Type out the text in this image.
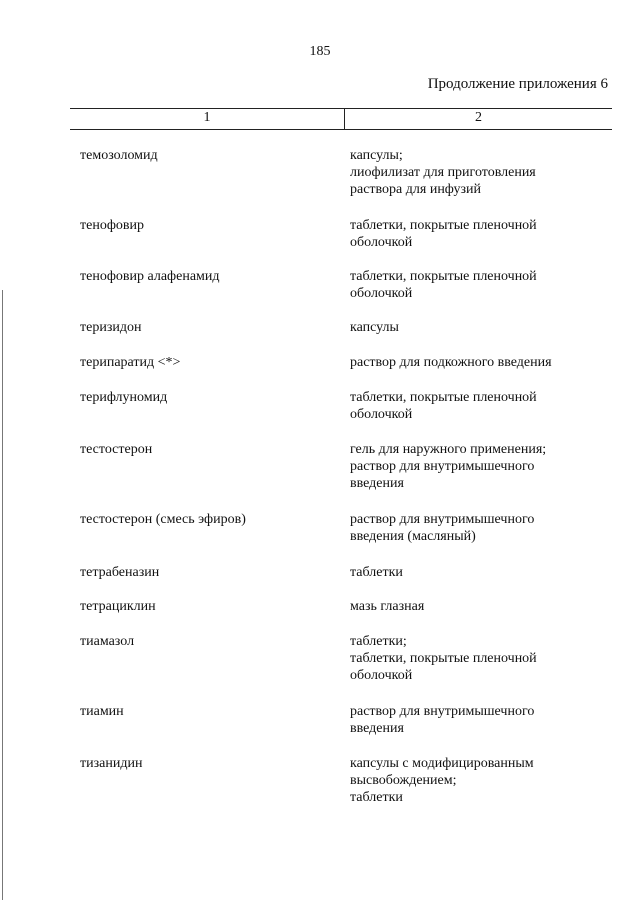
185
Продолжение приложения 6
1	2
темозоломид	капсулы;
лиофилизат для приготовления
раствора для инфузий
тенофовир	таблетки, покрытые пленочной
оболочкой
тенофовир алафенамид	таблетки, покрытые пленочной
оболочкой
теризидон	капсулы
терипаратид <*>	раствор для подкожного введения
терифлуномид	таблетки, покрытые пленочной
оболочкой
тестостерон	гель для наружного применения;
раствор для внутримышечного
введения
тестостерон (смесь эфиров)	раствор для внутримышечного
введения (масляный)
тетрабеназин	таблетки
тетрациклин	мазь глазная
тиамазол	таблетки;
таблетки, покрытые пленочной
оболочкой
тиамин	раствор для внутримышечного
введения
тизанидин	капсулы с модифицированным
высвобождением;
таблетки
